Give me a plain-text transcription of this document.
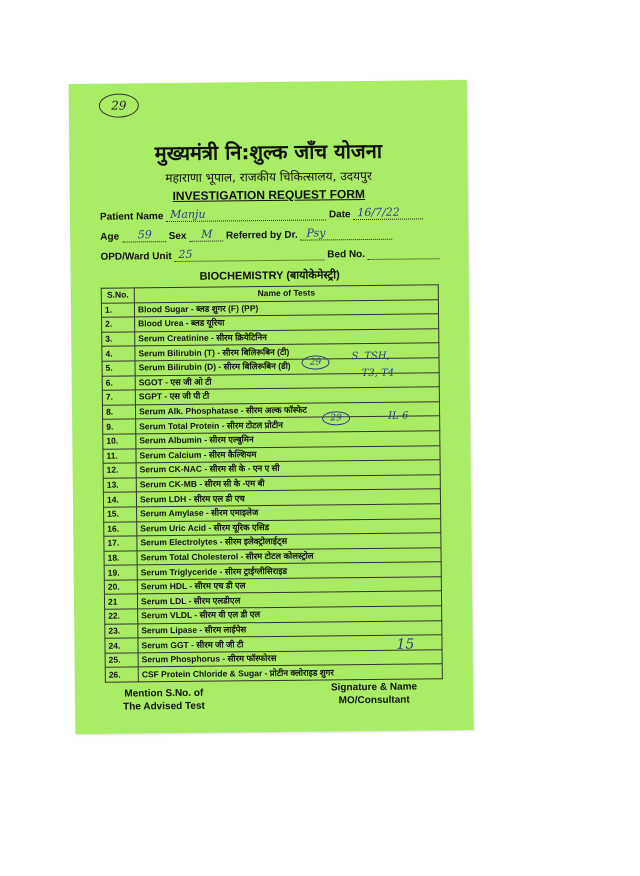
29
मुख्यमंत्री नि:शुल्क जाँच योजना
महाराणा भूपाल, राजकीय चिकित्सालय, उदयपुर
INVESTIGATION REQUEST FORM
Patient Name Manju	Date 16/7/22
Age 59 Sex M Referred by Dr. Psy
OPD/Ward Unit 25	Bed No.
BIOCHEMISTRY (बायोकेमेस्ट्री)
S.No.	Name of Tests
1.	Blood Sugar - ब्लड शुगर (F) (PP)
2.	Blood Urea - ब्लड यूरिया
3.	Serum Creatinine - सीरम क्रियेटिनिन
4.	Serum Bilirubin (T) - सीरम बिलिरूबिन (टी)
5.	Serum Bilirubin (D) - सीरम बिलिरूबिन (डी)
6.	SGOT - एस जी ओ टी
7.	SGPT - एस जी पी टी
8.	Serum Alk. Phosphatase - सीरम अल्क फॉस्फेट
9.	Serum Total Protein - सीरम टोटल प्रोटीन
10.	Serum Albumin - सीरम एल्बुमिन
11.	Serum Calcium - सीरम कैल्शियम
12.	Serum CK-NAC - सीरम सी के - एन ए सी
13.	Serum CK-MB - सीरम सी के -एम बी
14.	Serum LDH - सीरम एल डी एच
15.	Serum Amylase - सीरम एमाइलेज
16.	Serum Uric Acid - सीरम यूरिक एसिड
17.	Serum Electrolytes - सीरम इलेक्ट्रोलाईट्स
18.	Serum Total Cholesterol - सीरम टोटल कोलस्ट्रोल
19.	Serum Triglyceride - सीरम ट्राईग्लीसिराइड
20.	Serum HDL - सीरम एच डी एल
21	Serum LDL - सीरम एलडीएल
22.	Serum VLDL - सीरम वी एल डी एल
23.	Serum Lipase - सीरम लाईपेस
24.	Serum GGT - सीरम जी जी टी
25.	Serum Phosphorus - सीरम फॉस्फोरस
26.	CSF Protein Chloride & Sugar - प्रोटीन क्लोराइड शुगर
29
S. TSH,
T3, T4
29	IL-6
15
Mention S.No. of
The Advised Test
Signature & Name
MO/Consultant
